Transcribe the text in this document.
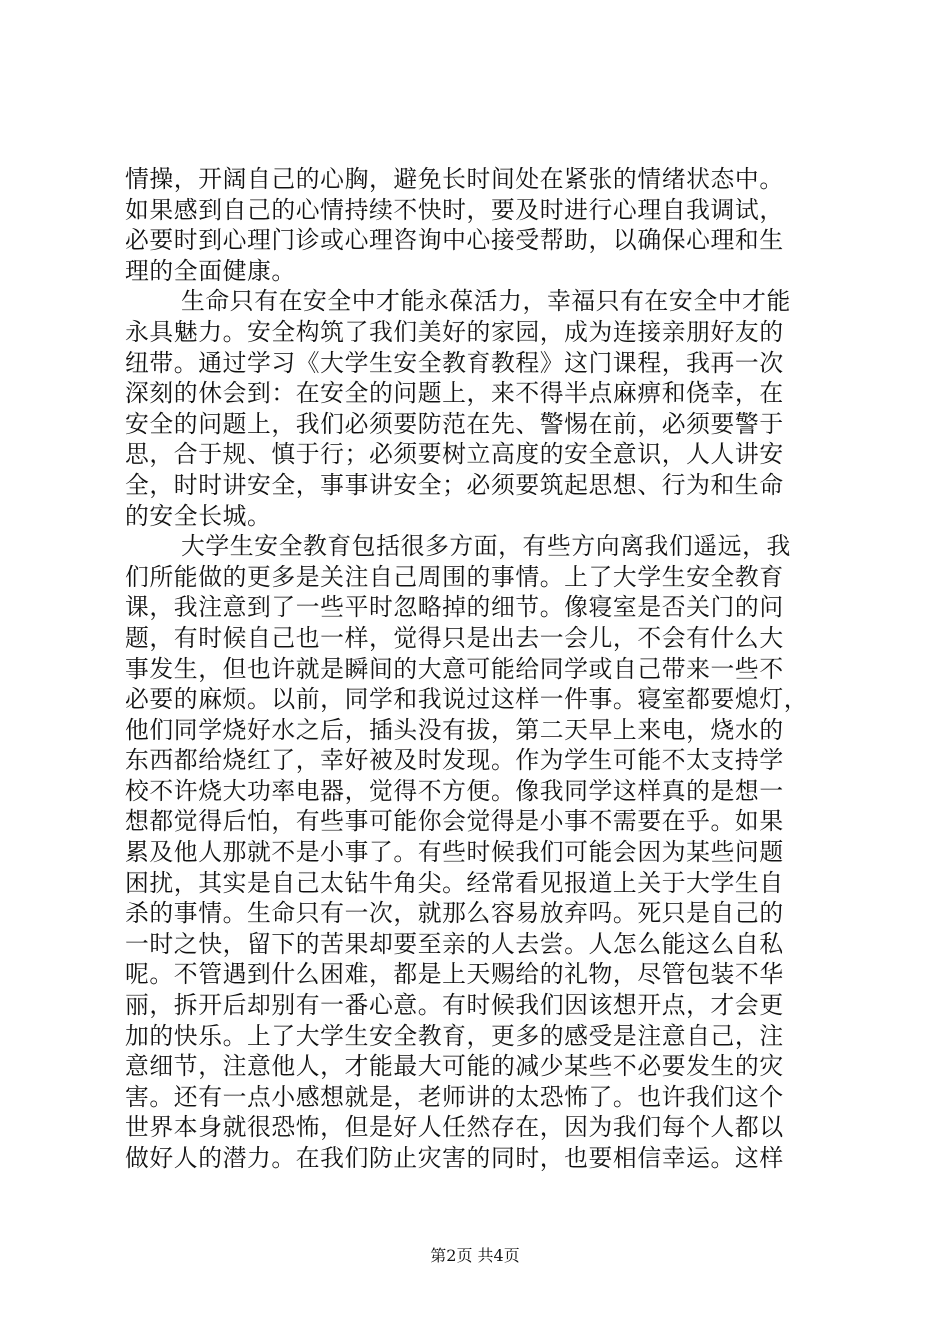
情操，开阔自己的心胸，避免长时间处在紧张的情绪状态中。
如果感到自己的心情持续不快时，要及时进行心理自我调试，
必要时到心理门诊或心理咨询中心接受帮助，以确保心理和生
理的全面健康。
生命只有在安全中才能永葆活力，幸福只有在安全中才能
永具魅力。安全构筑了我们美好的家园，成为连接亲朋好友的
纽带。通过学习《大学生安全教育教程》这门课程，我再一次
深刻的休会到：在安全的问题上，来不得半点麻痹和侥幸，在
安全的问题上，我们必须要防范在先、警惕在前，必须要警于
思，合于规、慎于行；必须要树立高度的安全意识，人人讲安
全，时时讲安全，事事讲安全；必须要筑起思想、行为和生命
的安全长城。
大学生安全教育包括很多方面，有些方向离我们遥远，我
们所能做的更多是关注自己周围的事情。上了大学生安全教育
课，我注意到了一些平时忽略掉的细节。像寝室是否关门的问
题，有时候自己也一样，觉得只是出去一会儿，不会有什么大
事发生，但也许就是瞬间的大意可能给同学或自己带来一些不
必要的麻烦。以前，同学和我说过这样一件事。寝室都要熄灯，
他们同学烧好水之后，插头没有拔，第二天早上来电，烧水的
东西都给烧红了，幸好被及时发现。作为学生可能不太支持学
校不许烧大功率电器，觉得不方便。像我同学这样真的是想一
想都觉得后怕，有些事可能你会觉得是小事不需要在乎。如果
累及他人那就不是小事了。有些时候我们可能会因为某些问题
困扰，其实是自己太钻牛角尖。经常看见报道上关于大学生自
杀的事情。生命只有一次，就那么容易放弃吗。死只是自己的
一时之快，留下的苦果却要至亲的人去尝。人怎么能这么自私
呢。不管遇到什么困难，都是上天赐给的礼物，尽管包装不华
丽，拆开后却别有一番心意。有时候我们因该想开点，才会更
加的快乐。上了大学生安全教育，更多的感受是注意自己，注
意细节，注意他人，才能最大可能的减少某些不必要发生的灾
害。还有一点小感想就是，老师讲的太恐怖了。也许我们这个
世界本身就很恐怖，但是好人任然存在，因为我们每个人都以
做好人的潜力。在我们防止灾害的同时，也要相信幸运。这样
第2页 共4页
